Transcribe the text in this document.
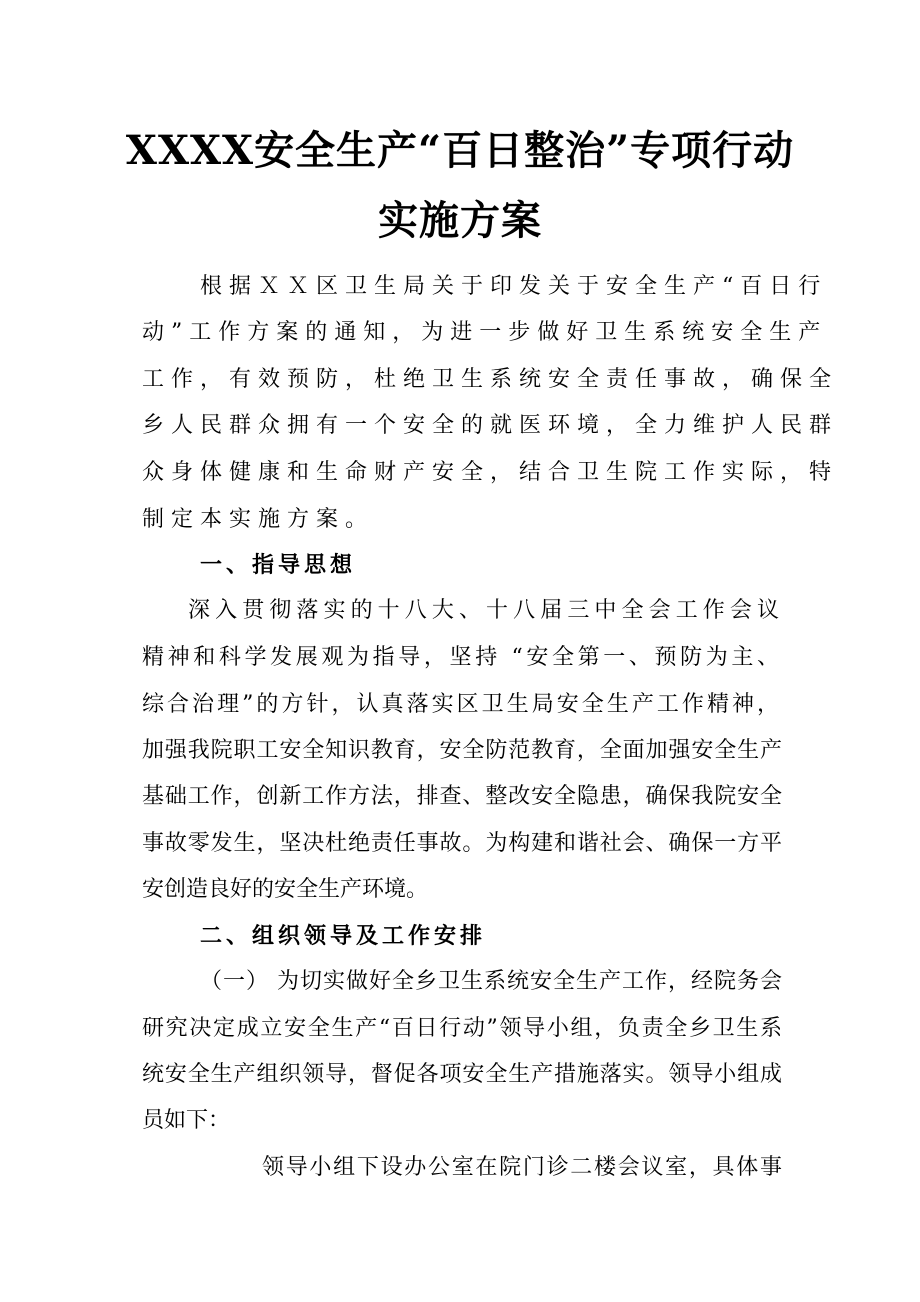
XXXX安全生产“百日整治”专项行动
实施方案
根据ＸＸ区卫生局关于印发关于安全生产“百日行
动”工作方案的通知，为进一步做好卫生系统安全生产
工作，有效预防，杜绝卫生系统安全责任事故，确保全
乡人民群众拥有一个安全的就医环境，全力维护人民群
众身体健康和生命财产安全，结合卫生院工作实际，特
制定本实施方案。
一、指导思想
深入贯彻落实的十八大、十八届三中全会工作会议
精神和科学发展观为指导，坚持 “安全第一、预防为主、
综合治理”的方针，认真落实区卫生局安全生产工作精神，
加强我院职工安全知识教育，安全防范教育，全面加强安全生产
基础工作，创新工作方法，排查、整改安全隐患，确保我院安全
事故零发生，坚决杜绝责任事故。为构建和谐社会、确保一方平
安创造良好的安全生产环境。
二、组织领导及工作安排
（一） 为切实做好全乡卫生系统安全生产工作，经院务会
研究决定成立安全生产“百日行动”领导小组，负责全乡卫生系
统安全生产组织领导，督促各项安全生产措施落实。领导小组成
员如下：
领导小组下设办公室在院门诊二楼会议室，具体事
